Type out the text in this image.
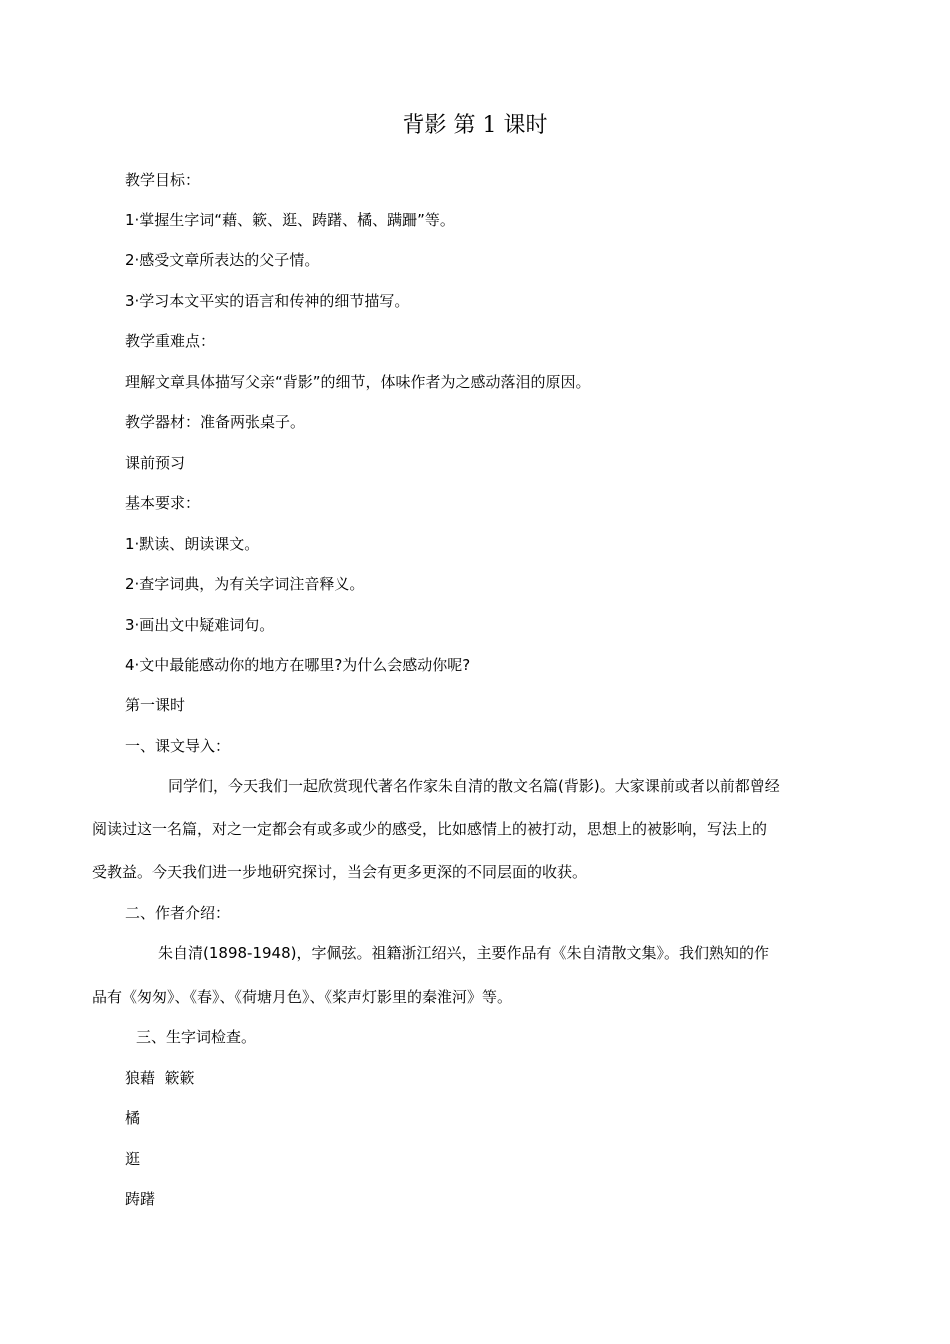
背影 第 1 课时
教学目标：
1·掌握生字词“藉、簌、逛、踌躇、橘、蹒跚”等。
2·感受文章所表达的父子情。
3·学习本文平实的语言和传神的细节描写。
教学重难点：
理解文章具体描写父亲“背影”的细节，体味作者为之感动落泪的原因。
教学器材：准备两张桌子。
课前预习
基本要求：
1·默读、朗读课文。
2·查字词典，为有关字词注音释义。
3·画出文中疑难词句。
4·文中最能感动你的地方在哪里?为什么会感动你呢?
第一课时
一、课文导入：
同学们，今天我们一起欣赏现代著名作家朱自清的散文名篇(背影)。大家课前或者以前都曾经
阅读过这一名篇，对之一定都会有或多或少的感受，比如感情上的被打动，思想上的被影响，写法上的
受教益。今天我们进一步地研究探讨，当会有更多更深的不同层面的收获。
二、作者介绍：
朱自清(1898-1948)，字佩弦。祖籍浙江绍兴，主要作品有《朱自清散文集》。我们熟知的作
品有《匆匆》、《春》、《荷塘月色》、《桨声灯影里的秦淮河》等。
三、生字词检查。
狼藉  簌簌
橘
逛
踌躇
